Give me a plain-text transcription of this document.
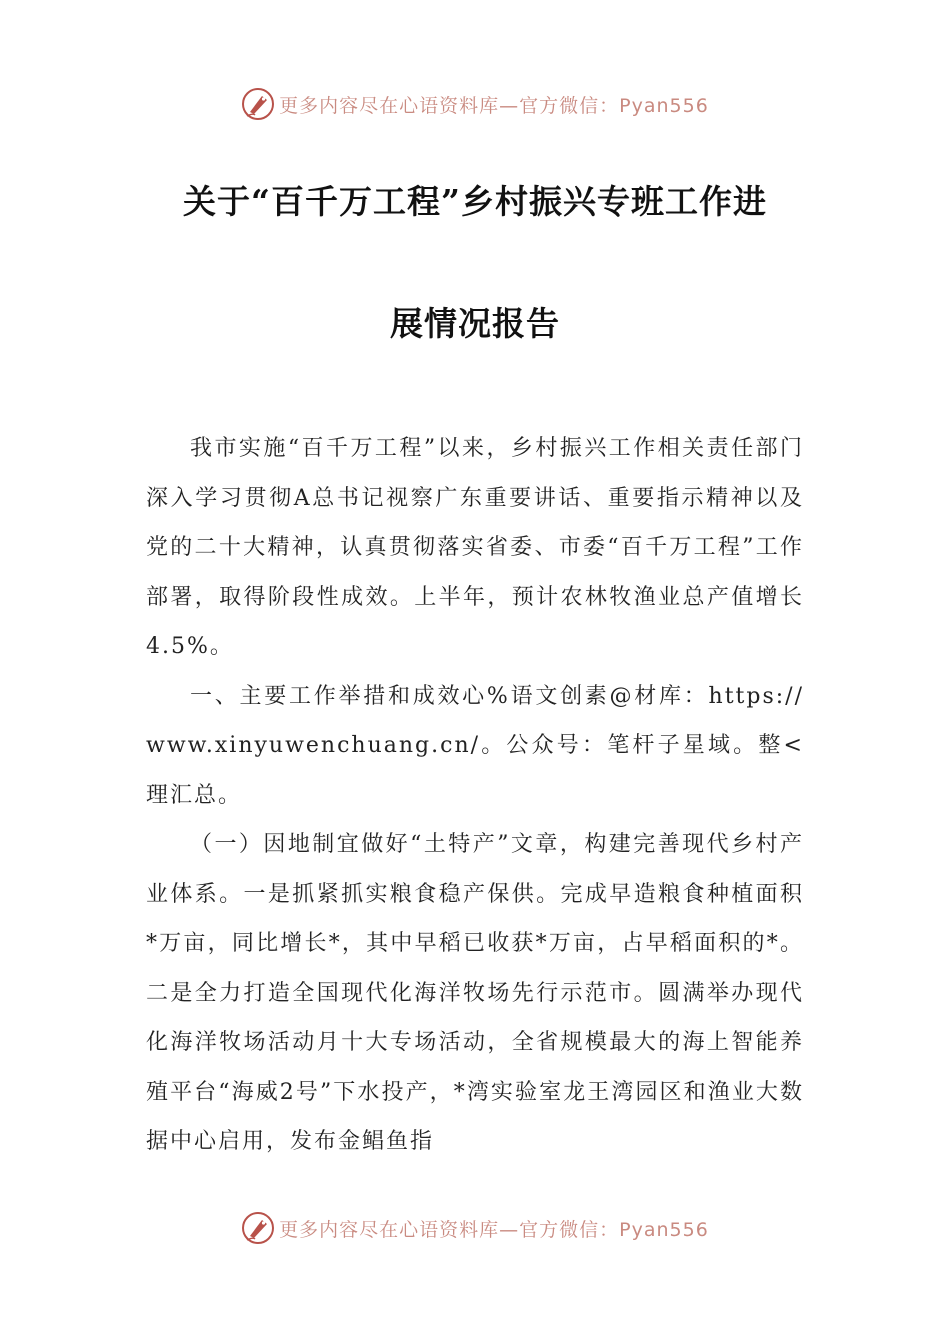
更多内容尽在心语资料库—官方微信：Pyan556
关于“百千万工程”乡村振兴专班工作进
展情况报告

我市实施“百千万工程”以来，乡村振兴工作相关责任部门深入学习贯彻A总书记视察广东重要讲话、重要指示精神以及党的二十大精神，认真贯彻落实省委、市委“百千万工程”工作部署，取得阶段性成效。上半年，预计农林牧渔业总产值增长4.5%。

一、主要工作举措和成效心%语文创素@材库：https://www.xinyuwenchuang.cn/。公众号：笔杆子星域。整<理汇总。

（一）因地制宜做好“土特产”文章，构建完善现代乡村产业体系。一是抓紧抓实粮食稳产保供。完成早造粮食种植面积*万亩，同比增长*，其中早稻已收获*万亩，占早稻面积的*。二是全力打造全国现代化海洋牧场先行示范市。圆满举办现代化海洋牧场活动月十大专场活动，全省规模最大的海上智能养殖平台“海威2号”下水投产，*湾实验室龙王湾园区和渔业大数据中心启用，发布金鲳鱼指

更多内容尽在心语资料库—官方微信：Pyan556
